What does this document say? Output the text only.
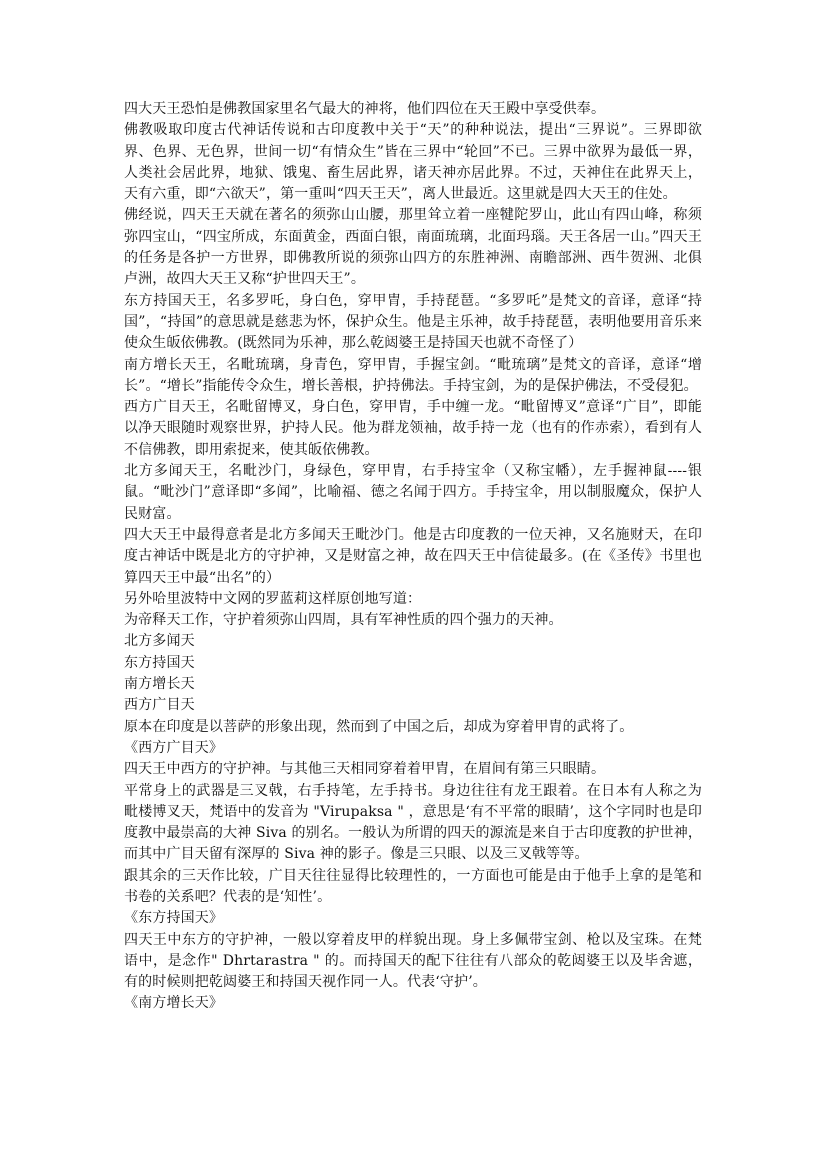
四大天王恐怕是佛教国家里名气最大的神将，他们四位在天王殿中享受供奉。

佛教吸取印度古代神话传说和古印度教中关于“天”的种种说法，提出“三界说”。三界即欲界、色界、无色界，世间一切“有情众生”皆在三界中“轮回”不已。三界中欲界为最低一界，人类社会居此界，地狱、饿鬼、畜生居此界，诸天神亦居此界。不过，天神住在此界天上，天有六重，即“六欲天”，第一重叫“四天王天”，离人世最近。这里就是四大天王的住处。

佛经说，四天王天就在著名的须弥山山腰，那里耸立着一座犍陀罗山，此山有四山峰，称须弥四宝山，“四宝所成，东面黄金，西面白银，南面琉璃，北面玛瑙。天王各居一山。”四天王的任务是各护一方世界，即佛教所说的须弥山四方的东胜神洲、南瞻部洲、西牛贺洲、北俱卢洲，故四大天王又称“护世四天王”。

东方持国天王，名多罗吒，身白色，穿甲胄，手持琵琶。“多罗吒”是梵文的音译，意译“持国”，“持国”的意思就是慈悲为怀，保护众生。他是主乐神，故手持琵琶，表明他要用音乐来使众生皈依佛教。(既然同为乐神，那么乾闼婆王是持国天也就不奇怪了）

南方增长天王，名毗琉璃，身青色，穿甲胄，手握宝剑。“毗琉璃”是梵文的音译，意译“增长”。“增长”指能传令众生，增长善根，护持佛法。手持宝剑，为的是保护佛法，不受侵犯。

西方广目天王，名毗留博叉，身白色，穿甲胄，手中缠一龙。“毗留博叉”意译“广目”，即能以净天眼随时观察世界，护持人民。他为群龙领袖，故手持一龙（也有的作赤索），看到有人不信佛教，即用索捉来，使其皈依佛教。

北方多闻天王，名毗沙门，身绿色，穿甲胄，右手持宝伞（又称宝幡），左手握神鼠----银鼠。“毗沙门”意译即“多闻”，比喻福、德之名闻于四方。手持宝伞，用以制服魔众，保护人民财富。

四大天王中最得意者是北方多闻天王毗沙门。他是古印度教的一位天神，又名施财天，在印度古神话中既是北方的守护神，又是财富之神，故在四天王中信徒最多。(在《圣传》书里也算四天王中最“出名”的）

另外哈里波特中文网的罗蓝莉这样原创地写道：

为帝释天工作，守护着须弥山四周，具有军神性质的四个强力的天神。

北方多闻天

东方持国天

南方增长天

西方广目天

原本在印度是以菩萨的形象出现，然而到了中国之后，却成为穿着甲胄的武将了。

《西方广目天》

四天王中西方的守护神。与其他三天相同穿着着甲胄，在眉间有第三只眼睛。

平常身上的武器是三叉戟，右手持笔，左手持书。身边往往有龙王跟着。在日本有人称之为毗楼博叉天，梵语中的发音为 "Virupaksa " ，意思是‘有不平常的眼睛’，这个字同时也是印度教中最崇高的大神 Siva 的别名。一般认为所谓的四天的源流是来自于古印度教的护世神，而其中广目天留有深厚的 Siva 神的影子。像是三只眼、以及三叉戟等等。

跟其余的三天作比较，广目天往往显得比较理性的，一方面也可能是由于他手上拿的是笔和书卷的关系吧？代表的是‘知性’。

《东方持国天》

四天王中东方的守护神，一般以穿着皮甲的样貌出现。身上多佩带宝剑、枪以及宝珠。在梵语中，是念作" Dhrtarastra " 的。而持国天的配下往往有八部众的乾闼婆王以及毕舍遮，有的时候则把乾闼婆王和持国天视作同一人。代表‘守护’。

《南方增长天》
